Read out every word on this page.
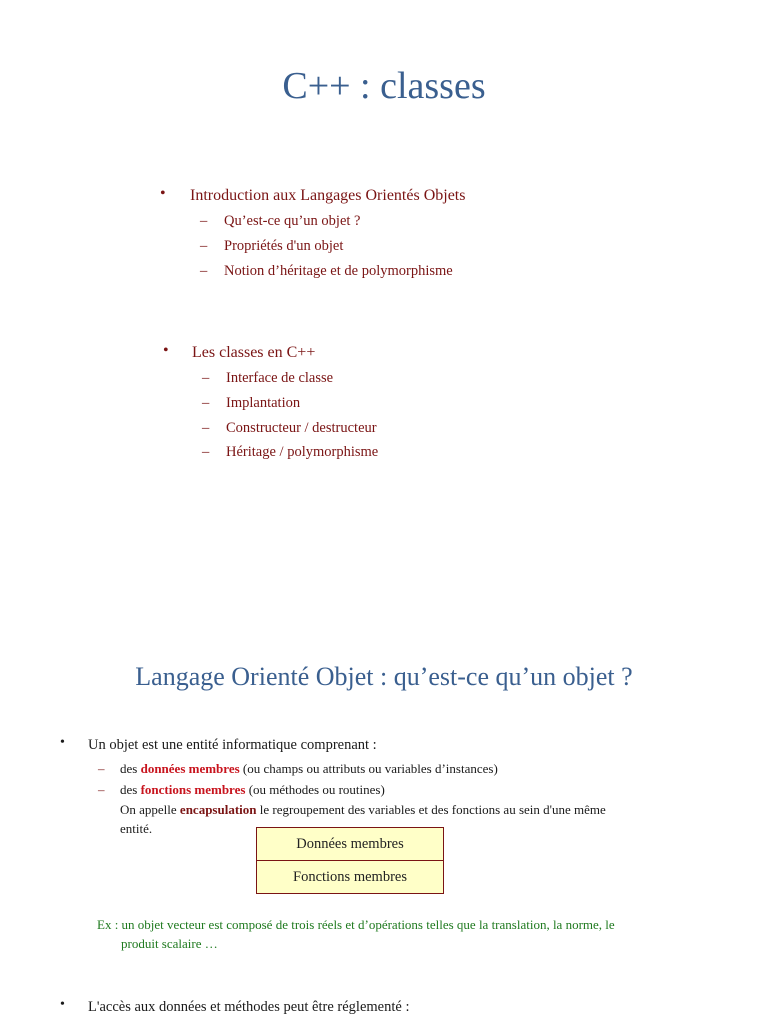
C++ : classes
• Introduction aux Langages Orientés Objets
– Qu’est-ce qu’un objet ?
– Propriétés d'un objet
– Notion d’héritage et de polymorphisme
• Les classes en C++
– Interface de classe
– Implantation
– Constructeur / destructeur
– Héritage / polymorphisme
Langage Orienté Objet : qu’est-ce qu’un objet ?
• Un objet est une entité informatique comprenant :
– des données membres (ou champs ou attributs ou variables d’instances)
– des fonctions membres (ou méthodes ou routines)
On appelle encapsulation le regroupement des variables et des fonctions au sein d'une même
entité.
Données membres
Fonctions membres
Ex : un objet vecteur est composé de trois réels et d’opérations telles que la translation, la norme, le
produit scalaire …
• L'accès aux données et méthodes peut être réglementé :
